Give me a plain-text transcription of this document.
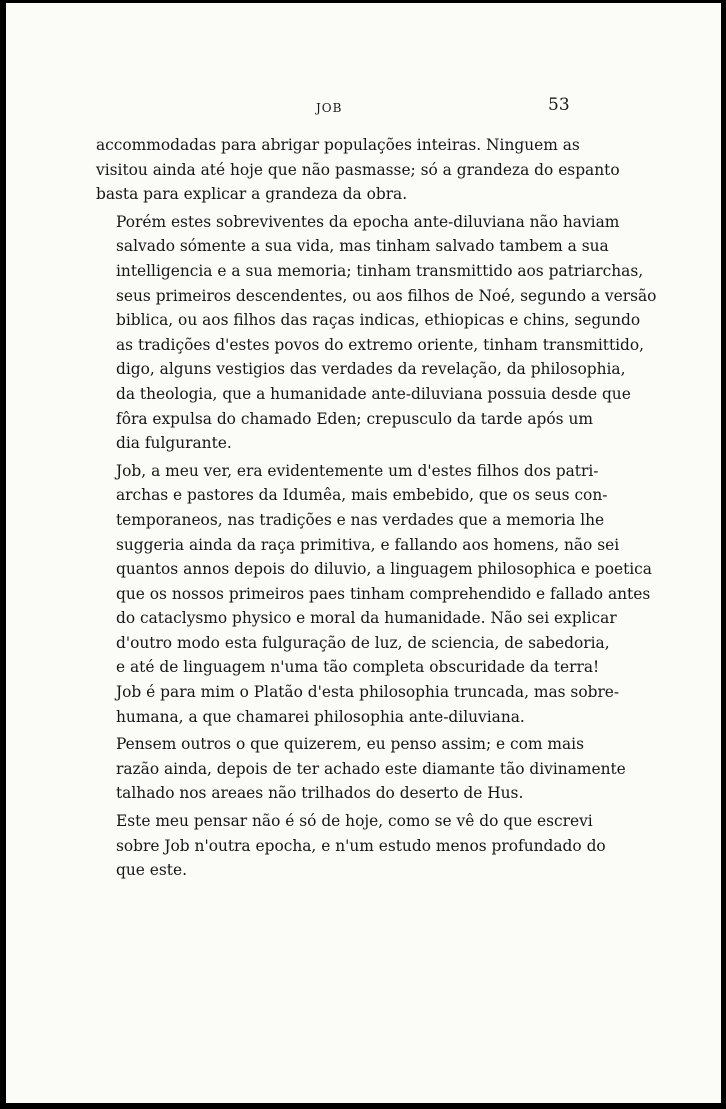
JOB	53
accommodadas para abrigar populações inteiras. Ninguem as
visitou ainda até hoje que não pasmasse; só a grandeza do espanto
basta para explicar a grandeza da obra.
Porém estes sobreviventes da epocha ante-diluviana não haviam
salvado sómente a sua vida, mas tinham salvado tambem a sua
intelligencia e a sua memoria; tinham transmittido aos patriarchas,
seus primeiros descendentes, ou aos filhos de Noé, segundo a versão
biblica, ou aos filhos das raças indicas, ethiopicas e chins, segundo
as tradições d'estes povos do extremo oriente, tinham transmittido,
digo, alguns vestigios das verdades da revelação, da philosophia,
da theologia, que a humanidade ante-diluviana possuia desde que
fôra expulsa do chamado Eden; crepusculo da tarde após um
dia fulgurante.
Job, a meu ver, era evidentemente um d'estes filhos dos patri-
archas e pastores da Idumêa, mais embebido, que os seus con-
temporaneos, nas tradições e nas verdades que a memoria lhe
suggeria ainda da raça primitiva, e fallando aos homens, não sei
quantos annos depois do diluvio, a linguagem philosophica e poetica
que os nossos primeiros paes tinham comprehendido e fallado antes
do cataclysmo physico e moral da humanidade. Não sei explicar
d'outro modo esta fulguração de luz, de sciencia, de sabedoria,
e até de linguagem n'uma tão completa obscuridade da terra!
Job é para mim o Platão d'esta philosophia truncada, mas sobre-
humana, a que chamarei philosophia ante-diluviana.
Pensem outros o que quizerem, eu penso assim; e com mais
razão ainda, depois de ter achado este diamante tão divinamente
talhado nos areaes não trilhados do deserto de Hus.
Este meu pensar não é só de hoje, como se vê do que escrevi
sobre Job n'outra epocha, e n'um estudo menos profundado do
que este.
